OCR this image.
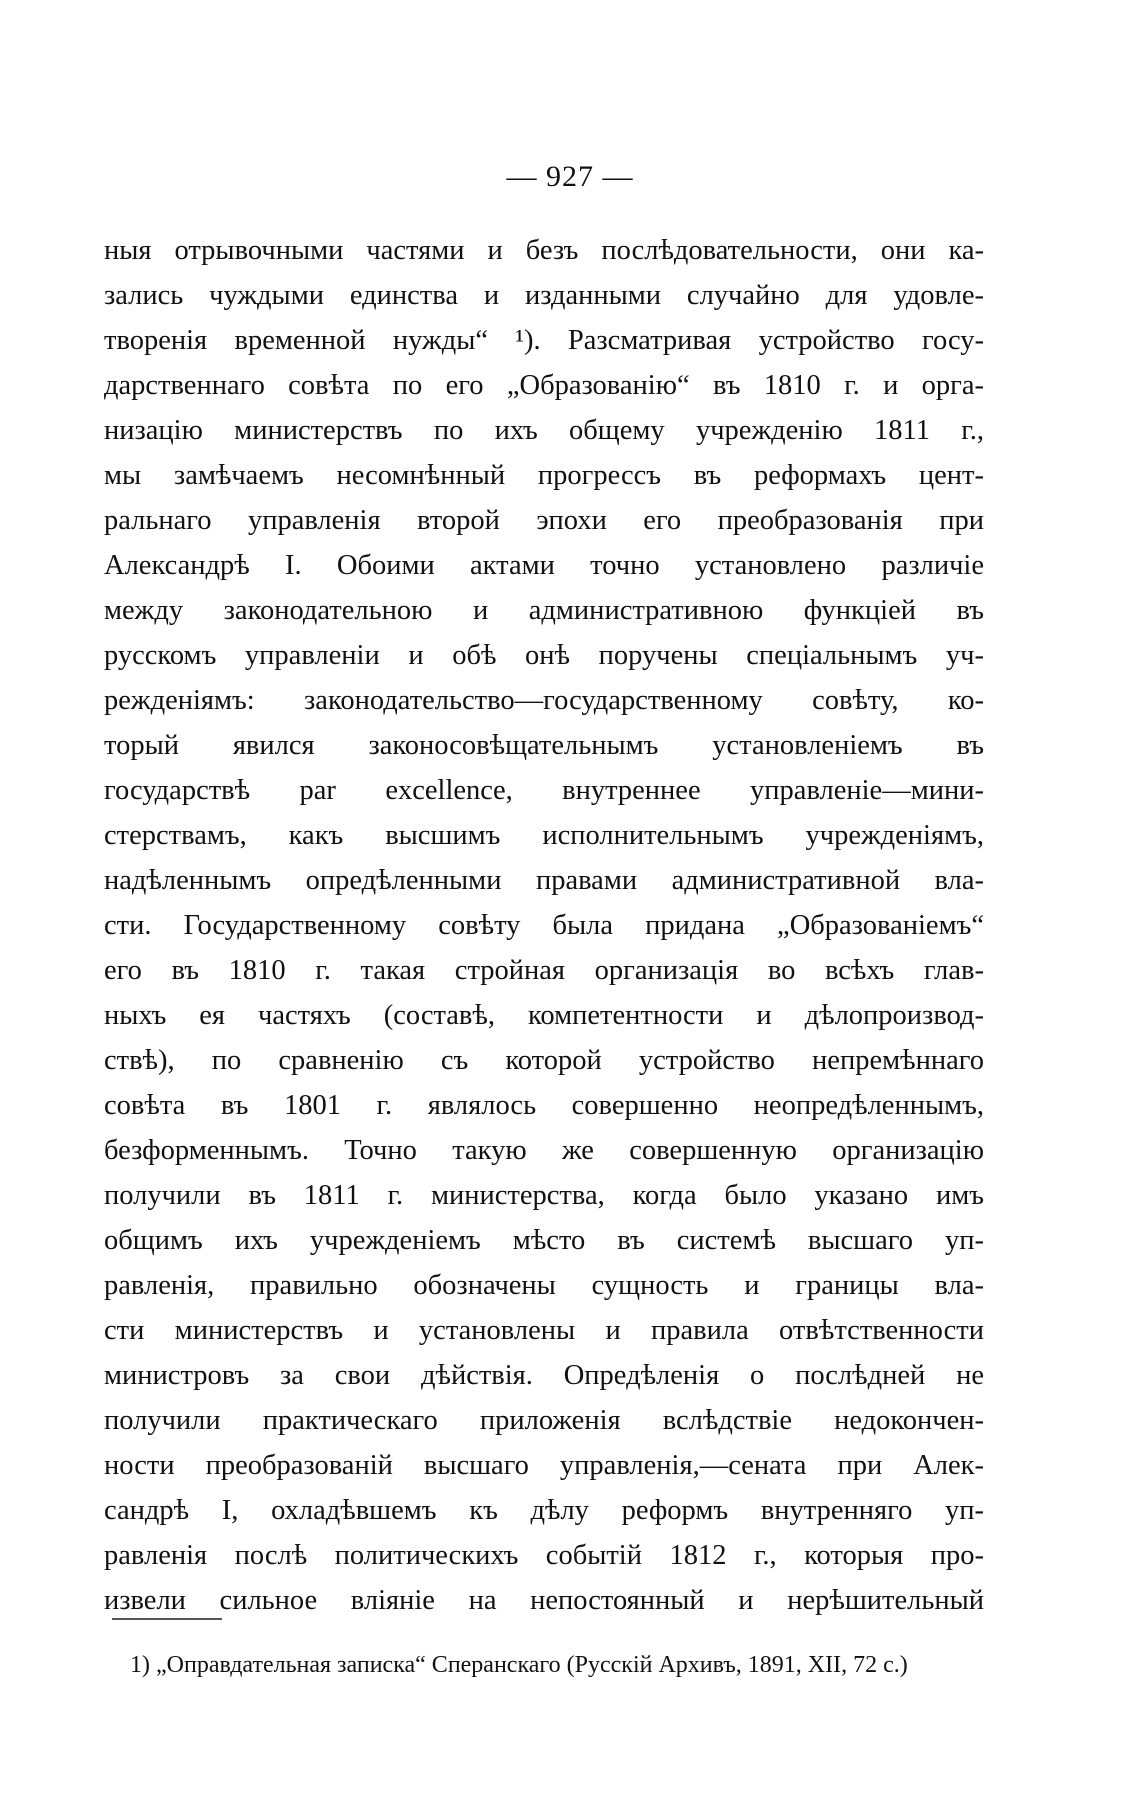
— 927 —
ныя отрывочными частями и безъ послѣдовательности, они ка-
зались чуждыми единства и изданными случайно для удовле-
творенія временной нужды“ ¹). Разсматривая устройство госу-
дарственнаго совѣта по его „Образованію“ въ 1810 г. и орга-
низацію министерствъ по ихъ общему учрежденію 1811 г.,
мы замѣчаемъ несомнѣнный прогрессъ въ реформахъ цент-
ральнаго управленія второй эпохи его преобразованія при
Александрѣ I. Обоими актами точно установлено различіе
между законодательною и административною функціей въ
русскомъ управленіи и обѣ онѣ поручены спеціальнымъ уч-
режденіямъ: законодательство—государственному совѣту, ко-
торый явился законосовѣщательнымъ установленіемъ въ
государствѣ par excellence, внутреннее управленіе—мини-
стерствамъ, какъ высшимъ исполнительнымъ учрежденіямъ,
надѣленнымъ опредѣленными правами административной вла-
сти. Государственному совѣту была придана „Образованіемъ“
его въ 1810 г. такая стройная организація во всѣхъ глав-
ныхъ ея частяхъ (составѣ, компетентности и дѣлопроизвод-
ствѣ), по сравненію съ которой устройство непремѣннаго
совѣта въ 1801 г. являлось совершенно неопредѣленнымъ,
безформеннымъ. Точно такую же совершенную организацію
получили въ 1811 г. министерства, когда было указано имъ
общимъ ихъ учрежденіемъ мѣсто въ системѣ высшаго уп-
равленія, правильно обозначены сущность и границы вла-
сти министерствъ и установлены и правила отвѣтственности
министровъ за свои дѣйствія. Опредѣленія о послѣдней не
получили практическаго приложенія вслѣдствіе недокончен-
ности преобразованій высшаго управленія,—сената при Алек-
сандрѣ I, охладѣвшемъ къ дѣлу реформъ внутренняго уп-
равленія послѣ политическихъ событій 1812 г., которыя про-
извели сильное вліяніе на непостоянный и нерѣшительный
1) „Оправдательная записка“ Сперанскаго (Русскій Архивъ, 1891, XII, 72 с.)
